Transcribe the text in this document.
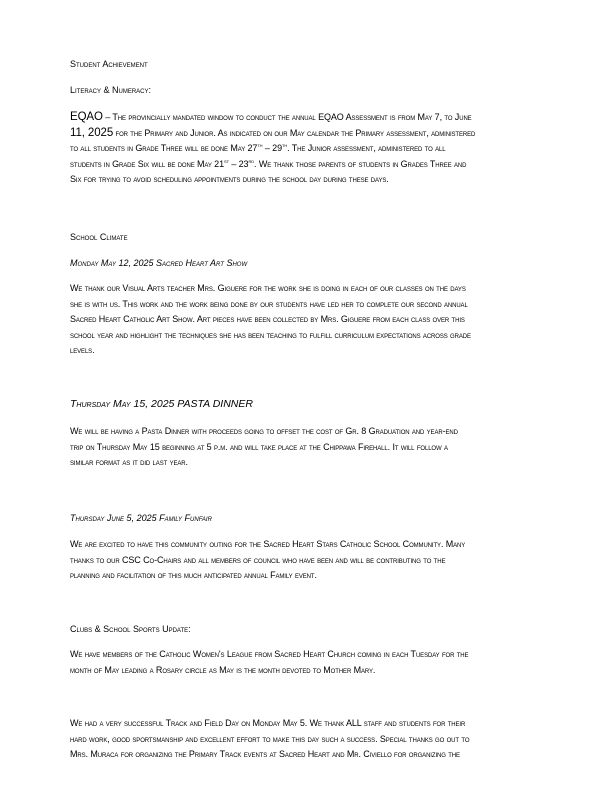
Student Achievement

Literacy & Numeracy:

EQAO – The provincially mandated window to conduct the annual EQAO Assessment is from May 7, to June

11, 2025 for the Primary and Junior. As indicated on our May calendar the Primary assessment, administered

to all students in Grade Three will be done May 27th – 29th. The Junior assessment, administered to all

students in Grade Six will be done May 21st – 23rd. We thank those parents of students in Grades Three and

Six for trying to avoid scheduling appointments during the school day during these days.

School Climate

Monday May 12, 2025 Sacred Heart Art Show

We thank our Visual Arts teacher Mrs. Giguere for the work she is doing in each of our classes on the days

she is with us. This work and the work being done by our students have led her to complete our second annual

Sacred Heart Catholic Art Show. Art pieces have been collected by Mrs. Giguere from each class over this

school year and highlight the techniques she has been teaching to fulfill curriculum expectations across grade

levels.

Thursday May 15, 2025 PASTA DINNER

We will be having a Pasta Dinner with proceeds going to offset the cost of Gr. 8 Graduation and year-end

trip on Thursday May 15 beginning at 5 p.m. and will take place at the Chippawa Firehall. It will follow a

similar format as it did last year.

Thursday June 5, 2025 Family Funfair

We are excited to have this community outing for the Sacred Heart Stars Catholic School Community. Many

thanks to our CSC Co-Chairs and all members of council who have been and will be contributing to the

planning and facilitation of this much anticipated annual Family event.

Clubs & School Sports Update:

We have members of the Catholic Women's League from Sacred Heart Church coming in each Tuesday for the

month of May leading a Rosary circle as May is the month devoted to Mother Mary.

We had a very successful Track and Field Day on Monday May 5. We thank ALL staff and students for their

hard work, good sportsmanship and excellent effort to make this day such a success. Special thanks go out to

Mrs. Muraca for organizing the Primary Track events at Sacred Heart and Mr. Civiello for organizing the
